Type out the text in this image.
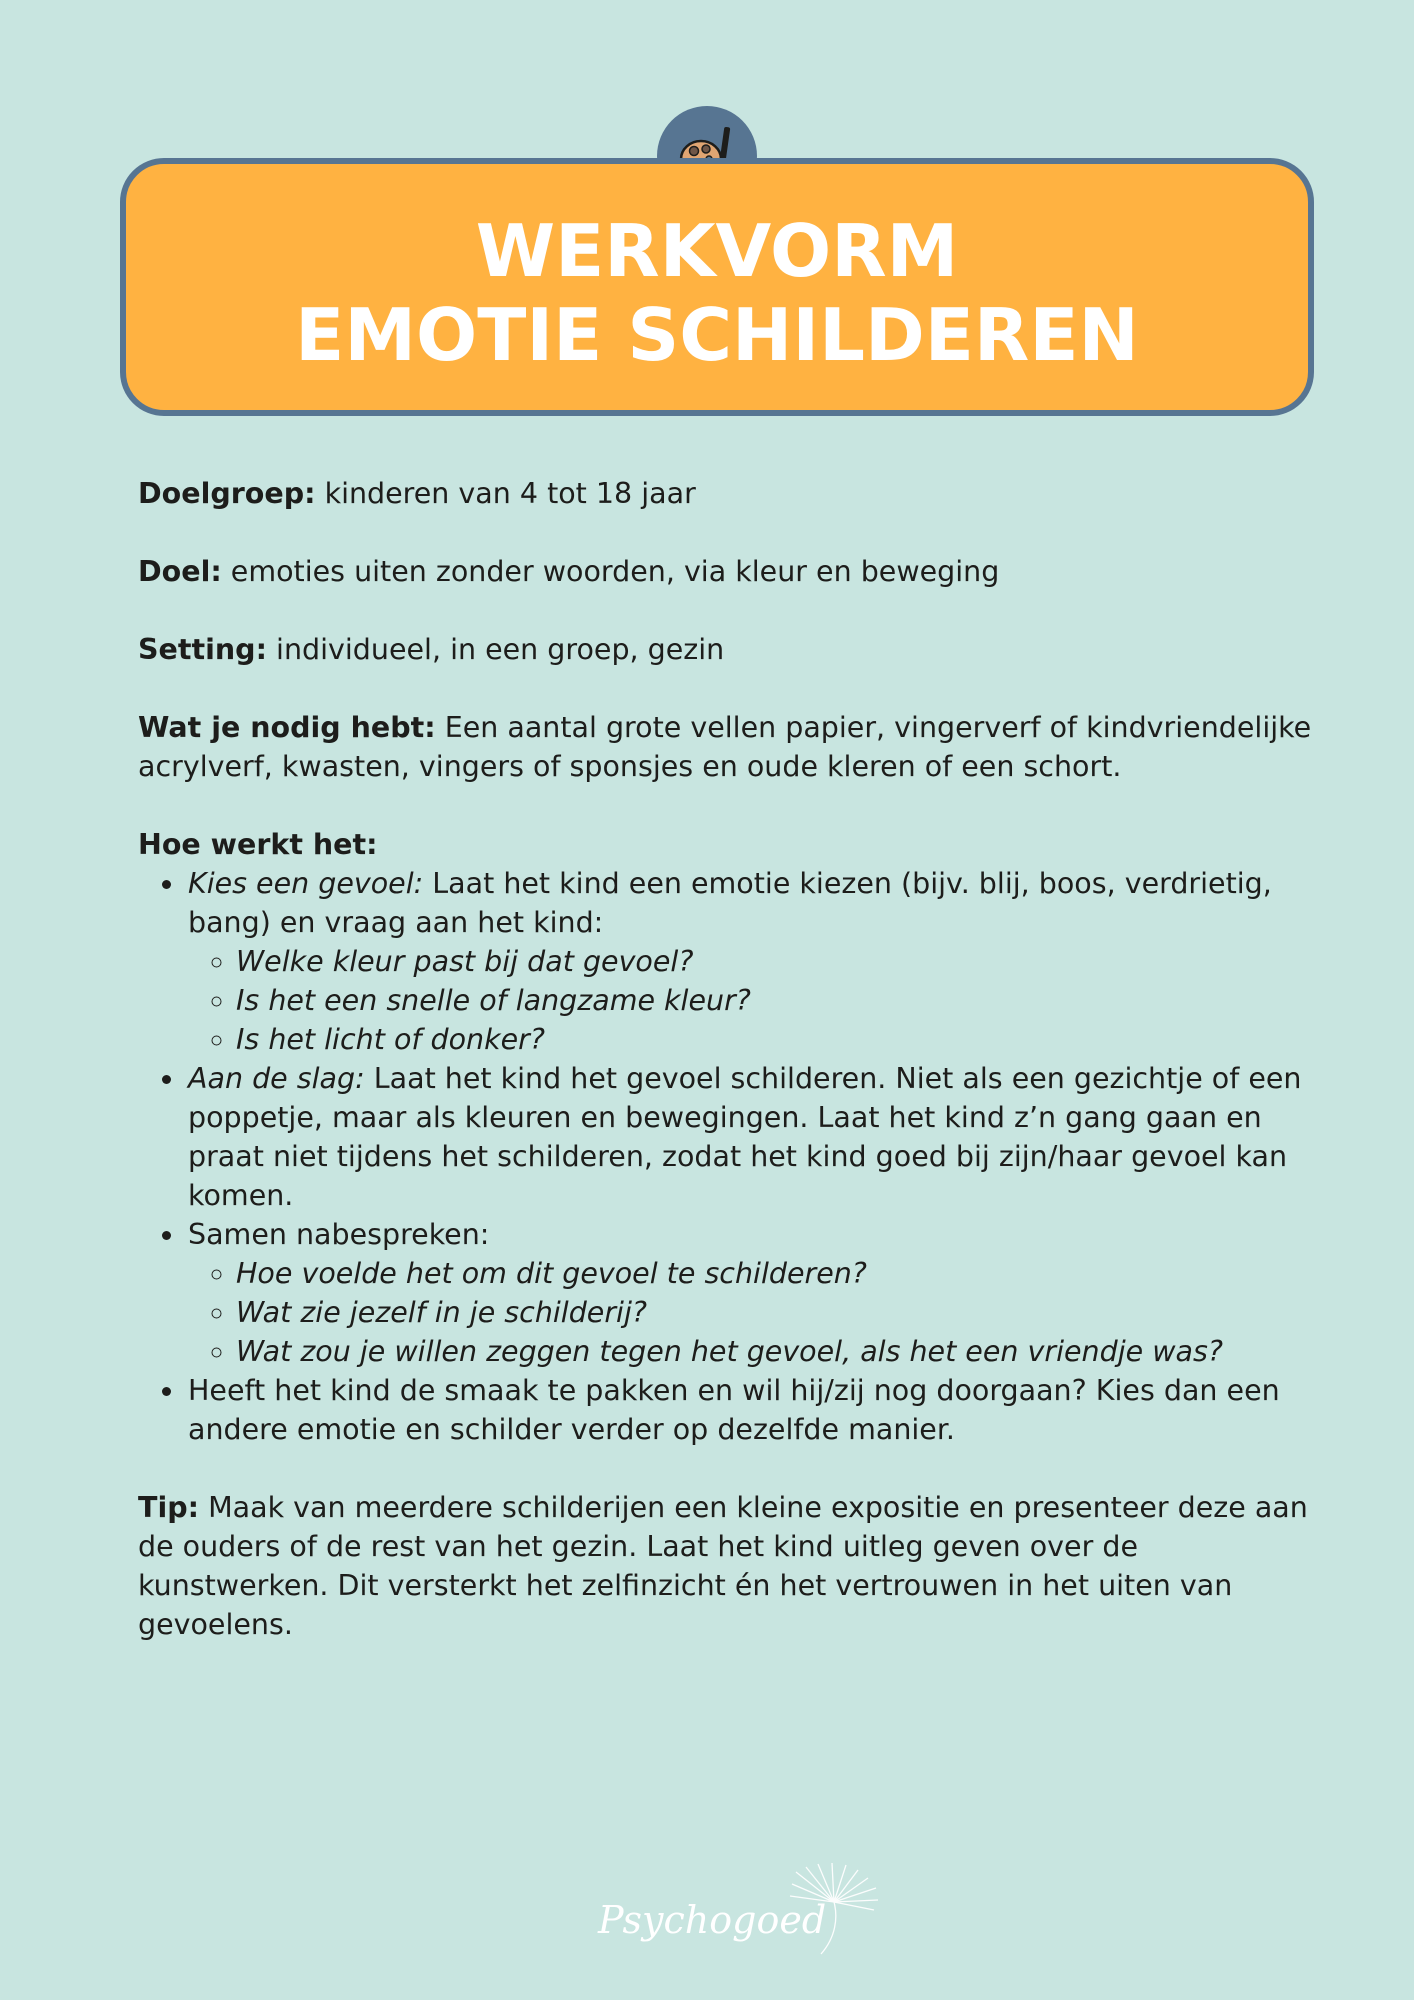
WERKVORM
EMOTIE SCHILDEREN

Doelgroep: kinderen van 4 tot 18 jaar

Doel: emoties uiten zonder woorden, via kleur en beweging

Setting: individueel, in een groep, gezin

Wat je nodig hebt: Een aantal grote vellen papier, vingerverf of kindvriendelijke acrylverf, kwasten, vingers of sponsjes en oude kleren of een schort.

Hoe werkt het:

• Kies een gevoel: Laat het kind een emotie kiezen (bijv. blij, boos, verdrietig, bang) en vraag aan het kind:
◦ Welke kleur past bij dat gevoel?
◦ Is het een snelle of langzame kleur?
◦ Is het licht of donker?
• Aan de slag: Laat het kind het gevoel schilderen. Niet als een gezichtje of een poppetje, maar als kleuren en bewegingen. Laat het kind z’n gang gaan en praat niet tijdens het schilderen, zodat het kind goed bij zijn/haar gevoel kan komen.
• Samen nabespreken:
◦ Hoe voelde het om dit gevoel te schilderen?
◦ Wat zie jezelf in je schilderij?
◦ Wat zou je willen zeggen tegen het gevoel, als het een vriendje was?
• Heeft het kind de smaak te pakken en wil hij/zij nog doorgaan? Kies dan een andere emotie en schilder verder op dezelfde manier.

Tip: Maak van meerdere schilderijen een kleine expositie en presenteer deze aan de ouders of de rest van het gezin. Laat het kind uitleg geven over de kunstwerken. Dit versterkt het zelfinzicht én het vertrouwen in het uiten van gevoelens.

Psychogoed
